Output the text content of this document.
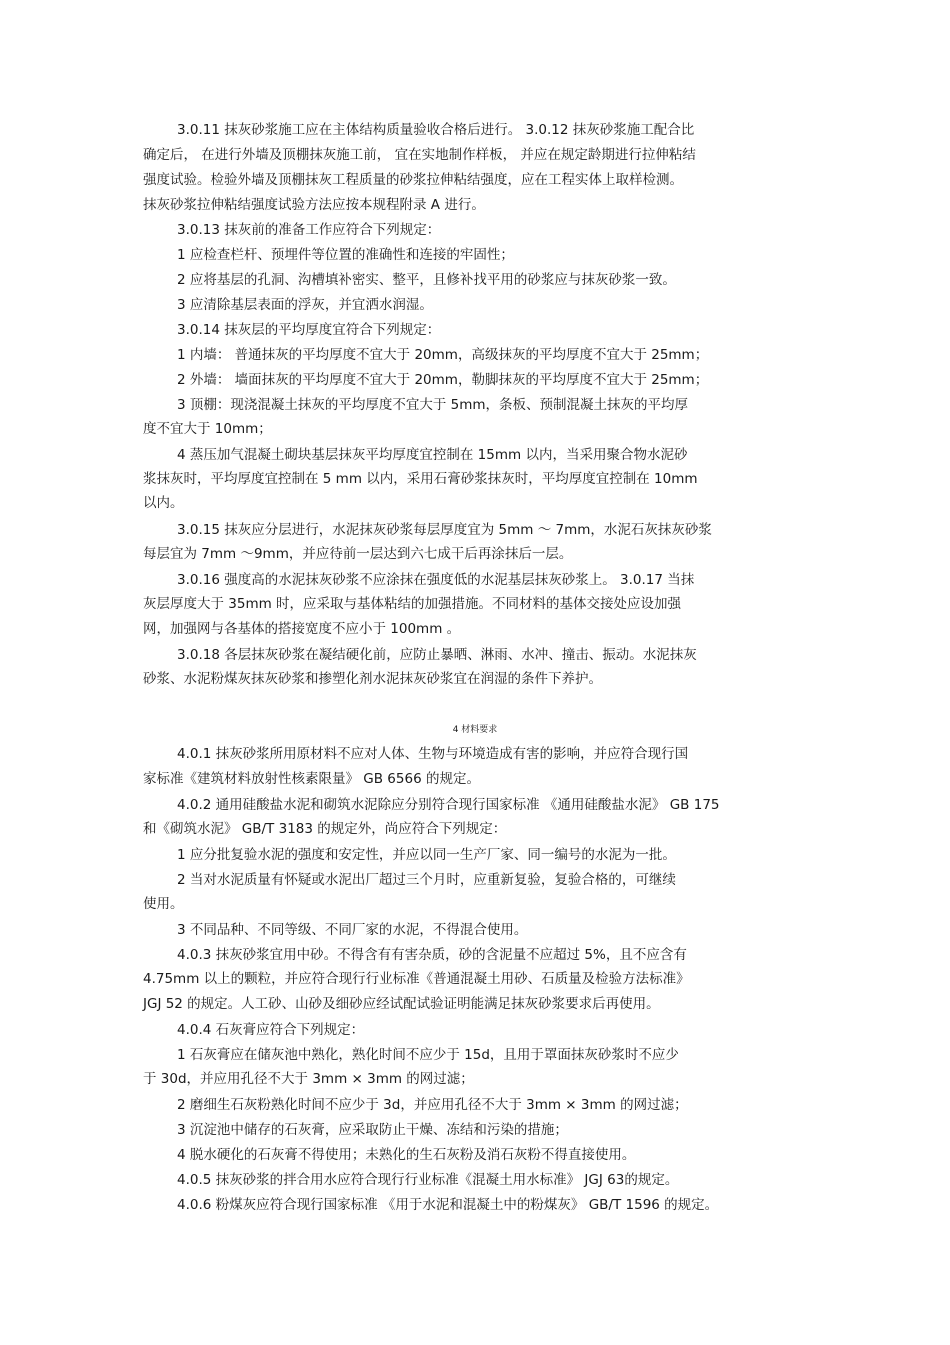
3.0.11 抹灰砂浆施工应在主体结构质量验收合格后进行。 3.0.12 抹灰砂浆施工配合比
确定后， 在进行外墙及顶棚抹灰施工前， 宜在实地制作样板， 并应在规定龄期进行拉伸粘结
强度试验。检验外墙及顶棚抹灰工程质量的砂浆拉伸粘结强度，应在工程实体上取样检测。
抹灰砂浆拉伸粘结强度试验方法应按本规程附录 A 进行。
3.0.13 抹灰前的准备工作应符合下列规定：
1 应检查栏杆、预埋件等位置的准确性和连接的牢固性；
2 应将基层的孔洞、沟槽填补密实、整平，且修补找平用的砂浆应与抹灰砂浆一致。
3 应清除基层表面的浮灰，并宜洒水润湿。
3.0.14 抹灰层的平均厚度宜符合下列规定：
1 内墙： 普通抹灰的平均厚度不宜大于 20mm，高级抹灰的平均厚度不宜大于 25mm；
2 外墙： 墙面抹灰的平均厚度不宜大于 20mm，勒脚抹灰的平均厚度不宜大于 25mm；
3 顶棚：现浇混凝土抹灰的平均厚度不宜大于 5mm，条板、预制混凝土抹灰的平均厚
度不宜大于 10mm；
4 蒸压加气混凝土砌块基层抹灰平均厚度宜控制在 15mm 以内，当采用聚合物水泥砂
浆抹灰时，平均厚度宜控制在 5 mm 以内，采用石膏砂浆抹灰时，平均厚度宜控制在 10mm
以内。
3.0.15 抹灰应分层进行，水泥抹灰砂浆每层厚度宜为 5mm ～ 7mm，水泥石灰抹灰砂浆
每层宜为 7mm ～9mm，并应待前一层达到六七成干后再涂抹后一层。
3.0.16 强度高的水泥抹灰砂浆不应涂抹在强度低的水泥基层抹灰砂浆上。 3.0.17 当抹
灰层厚度大于 35mm 时，应采取与基体粘结的加强措施。不同材料的基体交接处应设加强
网，加强网与各基体的搭接宽度不应小于 100mm 。
3.0.18 各层抹灰砂浆在凝结硬化前，应防止暴晒、淋雨、水冲、撞击、振动。水泥抹灰
砂浆、水泥粉煤灰抹灰砂浆和掺塑化剂水泥抹灰砂浆宜在润湿的条件下养护。
4 材料要求
4.0.1 抹灰砂浆所用原材料不应对人体、生物与环境造成有害的影响，并应符合现行国
家标准《建筑材料放射性核素限量》 GB 6566 的规定。
4.0.2 通用硅酸盐水泥和砌筑水泥除应分别符合现行国家标准 《通用硅酸盐水泥》 GB 175
和《砌筑水泥》 GB/T 3183 的规定外，尚应符合下列规定：
1 应分批复验水泥的强度和安定性，并应以同一生产厂家、同一编号的水泥为一批。
2 当对水泥质量有怀疑或水泥出厂超过三个月时，应重新复验，复验合格的，可继续
使用。
3 不同品种、不同等级、不同厂家的水泥，不得混合使用。
4.0.3 抹灰砂浆宜用中砂。不得含有有害杂质，砂的含泥量不应超过 5%，且不应含有
4.75mm 以上的颗粒，并应符合现行行业标准《普通混凝土用砂、石质量及检验方法标准》
JGJ 52 的规定。人工砂、山砂及细砂应经试配试验证明能满足抹灰砂浆要求后再使用。
4.0.4 石灰膏应符合下列规定：
1 石灰膏应在储灰池中熟化，熟化时间不应少于 15d，且用于罩面抹灰砂浆时不应少
于 30d，并应用孔径不大于 3mm × 3mm 的网过滤；
2 磨细生石灰粉熟化时间不应少于 3d，并应用孔径不大于 3mm × 3mm 的网过滤；
3 沉淀池中储存的石灰膏，应采取防止干燥、冻结和污染的措施；
4 脱水硬化的石灰膏不得使用；未熟化的生石灰粉及消石灰粉不得直接使用。
4.0.5 抹灰砂浆的拌合用水应符合现行行业标准《混凝土用水标准》 JGJ 63的规定。
4.0.6 粉煤灰应符合现行国家标准 《用于水泥和混凝土中的粉煤灰》 GB/T 1596 的规定。
